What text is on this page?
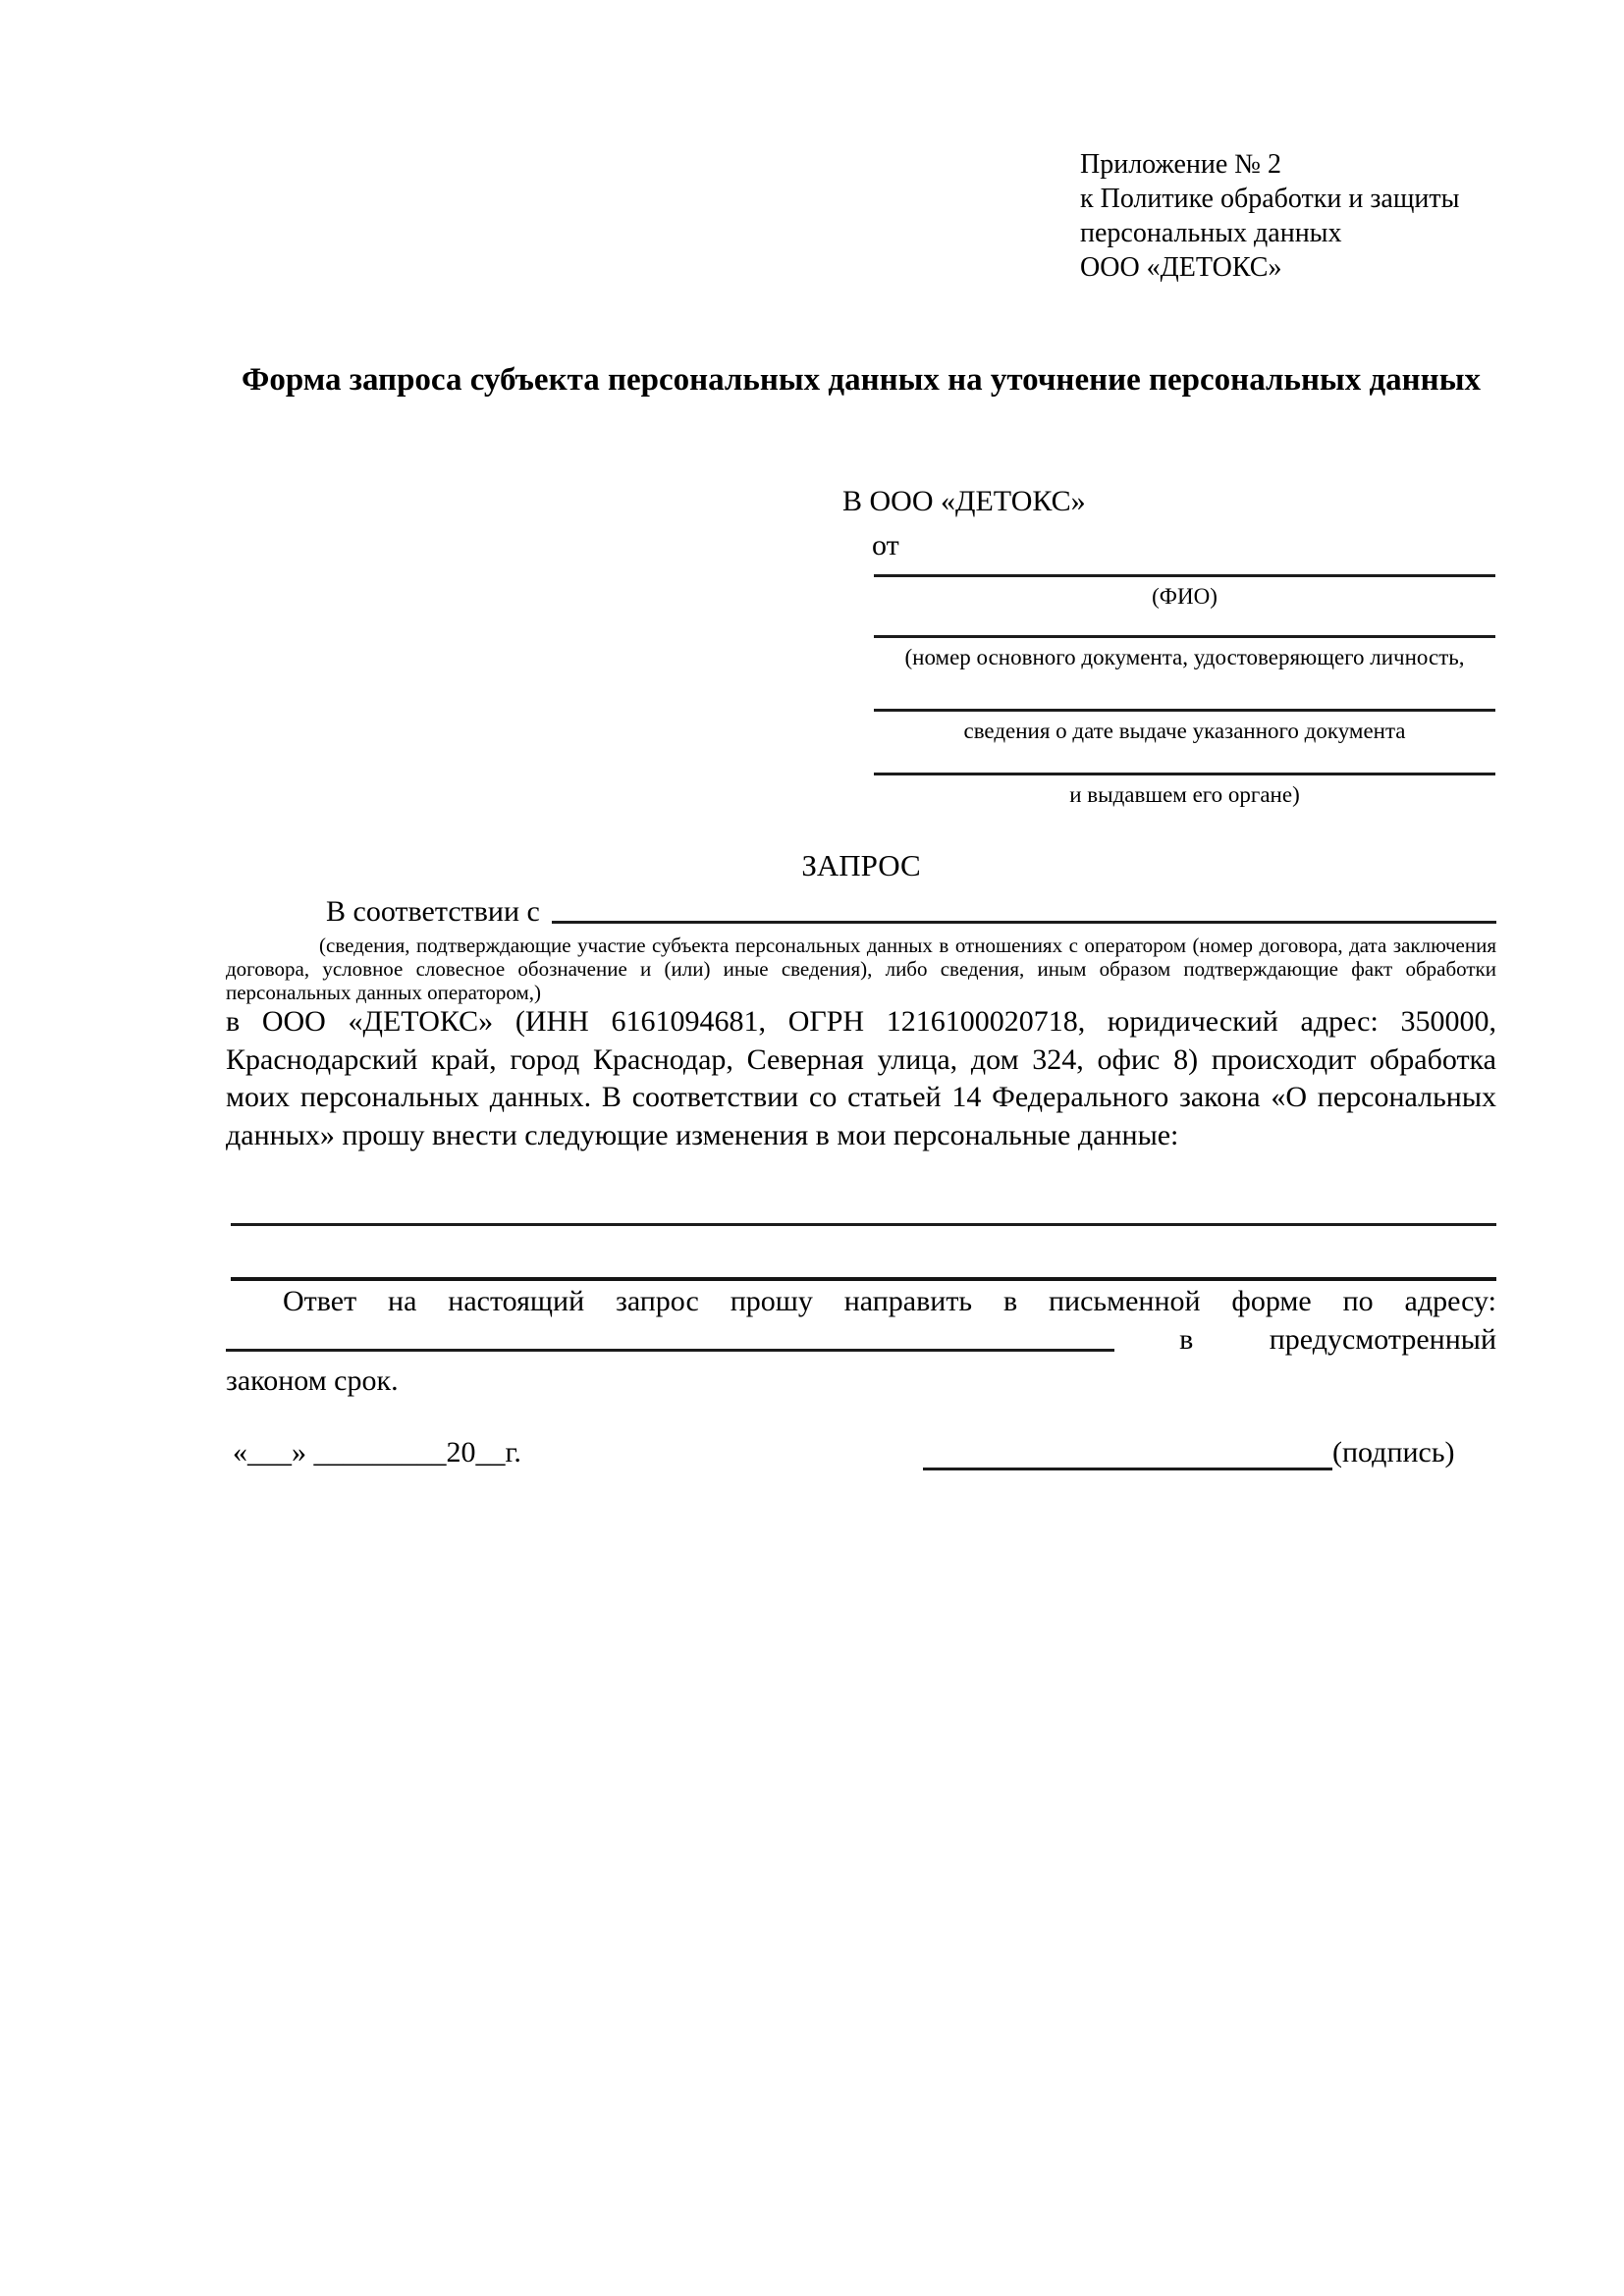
Приложение № 2
к Политике обработки и защиты
персональных данных
ООО «ДЕТОКС»
Форма запроса субъекта персональных данных на уточнение персональных данных
В ООО «ДЕТОКС»
от
(ФИО)
(номер основного документа, удостоверяющего личность,
сведения о дате выдаче указанного документа
и выдавшем его органе)
ЗАПРОС
В соответствии с
(сведения, подтверждающие участие субъекта персональных данных в отношениях с оператором (номер договора, дата заключения договора, условное словесное обозначение и (или) иные сведения), либо сведения, иным образом подтверждающие факт обработки персональных данных оператором,)
в ООО «ДЕТОКС» (ИНН 6161094681, ОГРН 1216100020718, юридический адрес: 350000, Краснодарский край, город Краснодар, Северная улица, дом 324, офис 8) происходит обработка моих персональных данных. В соответствии со статьей 14 Федерального закона «О персональных данных» прошу внести следующие изменения в мои персональные данные:
Ответ на настоящий запрос прошу направить в письменной форме по адресу:
в предусмотренный
законом срок.
«___» _________20__г.	(подпись)
